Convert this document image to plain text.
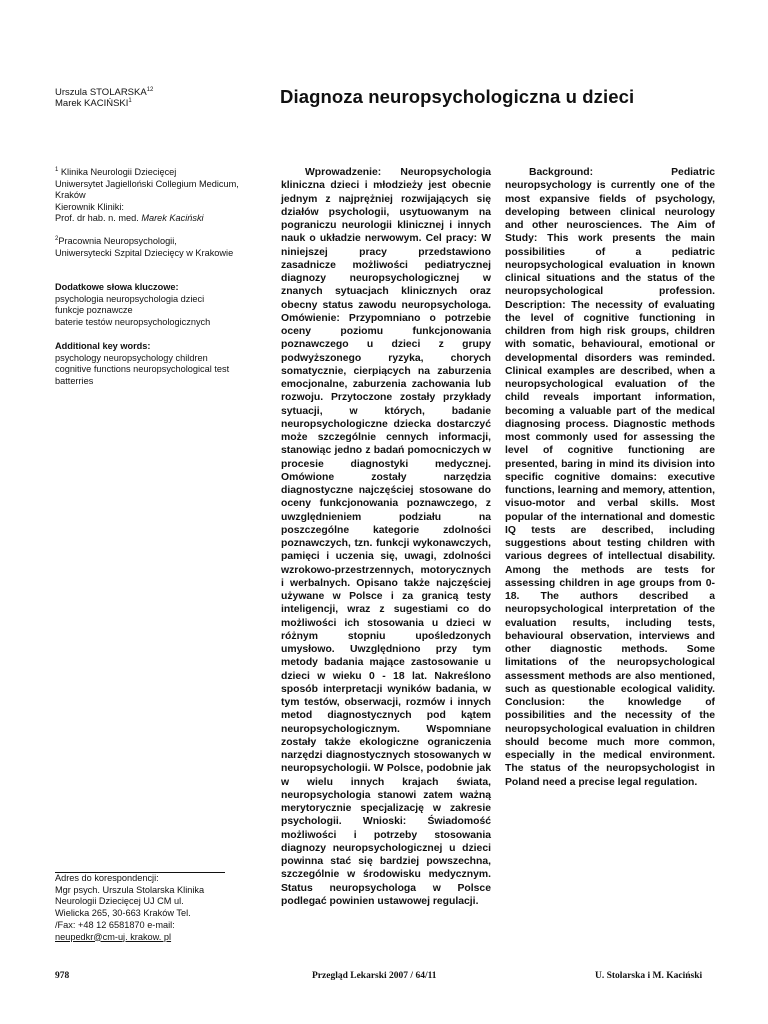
Urszula STOLARSKA$^{12}$
Marek KACIŃSKI$^1$	Diagnoza neuropsychologiczna u dzieci
$^1$ Klinika Neurologii Dziecięcej
Uniwersytet Jagielloński Collegium Medicum,
Kraków
Kierownik Kliniki:
Prof. dr hab. n. med. Marek Kaciński
$^2$Pracownia Neuropsychologii,
Uniwersytecki Szpital Dziecięcy w Krakowie
Dodatkowe słowa kluczowe:
psychologia neuropsychologia dzieci
funkcje poznawcze
baterie testów neuropsychologicznych
Additional key words:
psychology neuropsychology children
cognitive functions neuropsychological test
batterries
Adres do korespondencji:
Mgr psych. Urszula Stolarska Klinika
Neurologii Dziecięcej UJ CM ul.
Wielicka 265, 30-663 Kraków Tel.
/Fax: +48 12 6581870 e-mail:
neupedkr@cm-uj. krakow. pl

Wprowadzenie: Neuropsychologia kliniczna dzieci i młodzieży jest obecnie jednym z najprężniej rozwijających się działów psychologii, usytuowanym na pograniczu neurologii klinicznej i innych nauk o układzie nerwowym. Cel pracy: W niniejszej pracy przedstawiono zasadnicze możliwości pediatrycznej diagnozy neuropsychologicznej w znanych sytuacjach klinicznych oraz obecny status zawodu neuropsychologa. Omówienie: Przypomniano o potrzebie oceny poziomu funkcjonowania poznawczego u dzieci z grupy podwyższonego ryzyka, chorych somatycznie, cierpiących na zaburzenia emocjonalne, zaburzenia zachowania lub rozwoju. Przytoczone zostały przykłady sytuacji, w których, badanie neuropsychologiczne dziecka dostarczyć może szczególnie cennych informacji, stanowiąc jedno z badań pomocniczych w procesie diagnostyki medycznej. Omówione zostały narzędzia diagnostyczne najczęściej stosowane do oceny funkcjonowania poznawczego, z uwzględnieniem podziału na poszczególne kategorie zdolności poznawczych, tzn. funkcji wykonawczych, pamięci i uczenia się, uwagi, zdolności wzrokowo-przestrzennych, motorycznych i werbalnych. Opisano także najczęściej używane w Polsce i za granicą testy inteligencji, wraz z sugestiami co do możliwości ich stosowania u dzieci w różnym stopniu upośledzonych umysłowo. Uwzględniono przy tym metody badania mające zastosowanie u dzieci w wieku 0 - 18 lat. Nakreślono sposób interpretacji wyników badania, w tym testów, obserwacji, rozmów i innych metod diagnostycznych pod kątem neuropsychologicznym. Wspomniane zostały także ekologiczne ograniczenia narzędzi diagnostycznych stosowanych w neuropsychologii. W Polsce, podobnie jak w wielu innych krajach świata, neuropsychologia stanowi zatem ważną merytorycznie specjalizację w zakresie psychologii. Wnioski: Świadomość możliwości i potrzeby stosowania diagnozy neuropsychologicznej u dzieci powinna stać się bardziej powszechna, szczególnie w środowisku medycznym. Status neuropsychologa w Polsce podlegać powinien ustawowej regulacji.

Background: Pediatric neuropsychology is currently one of the most expansive fields of psychology, developing between clinical neurology and other neurosciences. The Aim of Study: This work presents the main possibilities of a pediatric neuropsychological evaluation in known clinical situations and the status of the neuropsychological profession. Description: The necessity of evaluating the level of cognitive functioning in children from high risk groups, children with somatic, behavioural, emotional or developmental disorders was reminded. Clinical examples are described, when a neuropsychological evaluation of the child reveals important information, becoming a valuable part of the medical diagnosing process. Diagnostic methods most commonly used for assessing the level of cognitive functioning are presented, baring in mind its division into specific cognitive domains: executive functions, learning and memory, attention, visuo-motor and verbal skills. Most popular of the international and domestic IQ tests are described, including suggestions about testing children with various degrees of intellectual disability. Among the methods are tests for assessing children in age groups from 0-18. The authors described a neuropsychological interpretation of the evaluation results, including tests, behavioural observation, interviews and other diagnostic methods. Some limitations of the neuropsychological assessment methods are also mentioned, such as questionable ecological validity. Conclusion: the knowledge of possibilities and the necessity of the neuropsychological evaluation in children should become much more common, especially in the medical environment. The status of the neuropsychologist in Poland need a precise legal regulation.

978	Przegląd Lekarski 2007 / 64/11	U. Stolarska i M. Kaciński
